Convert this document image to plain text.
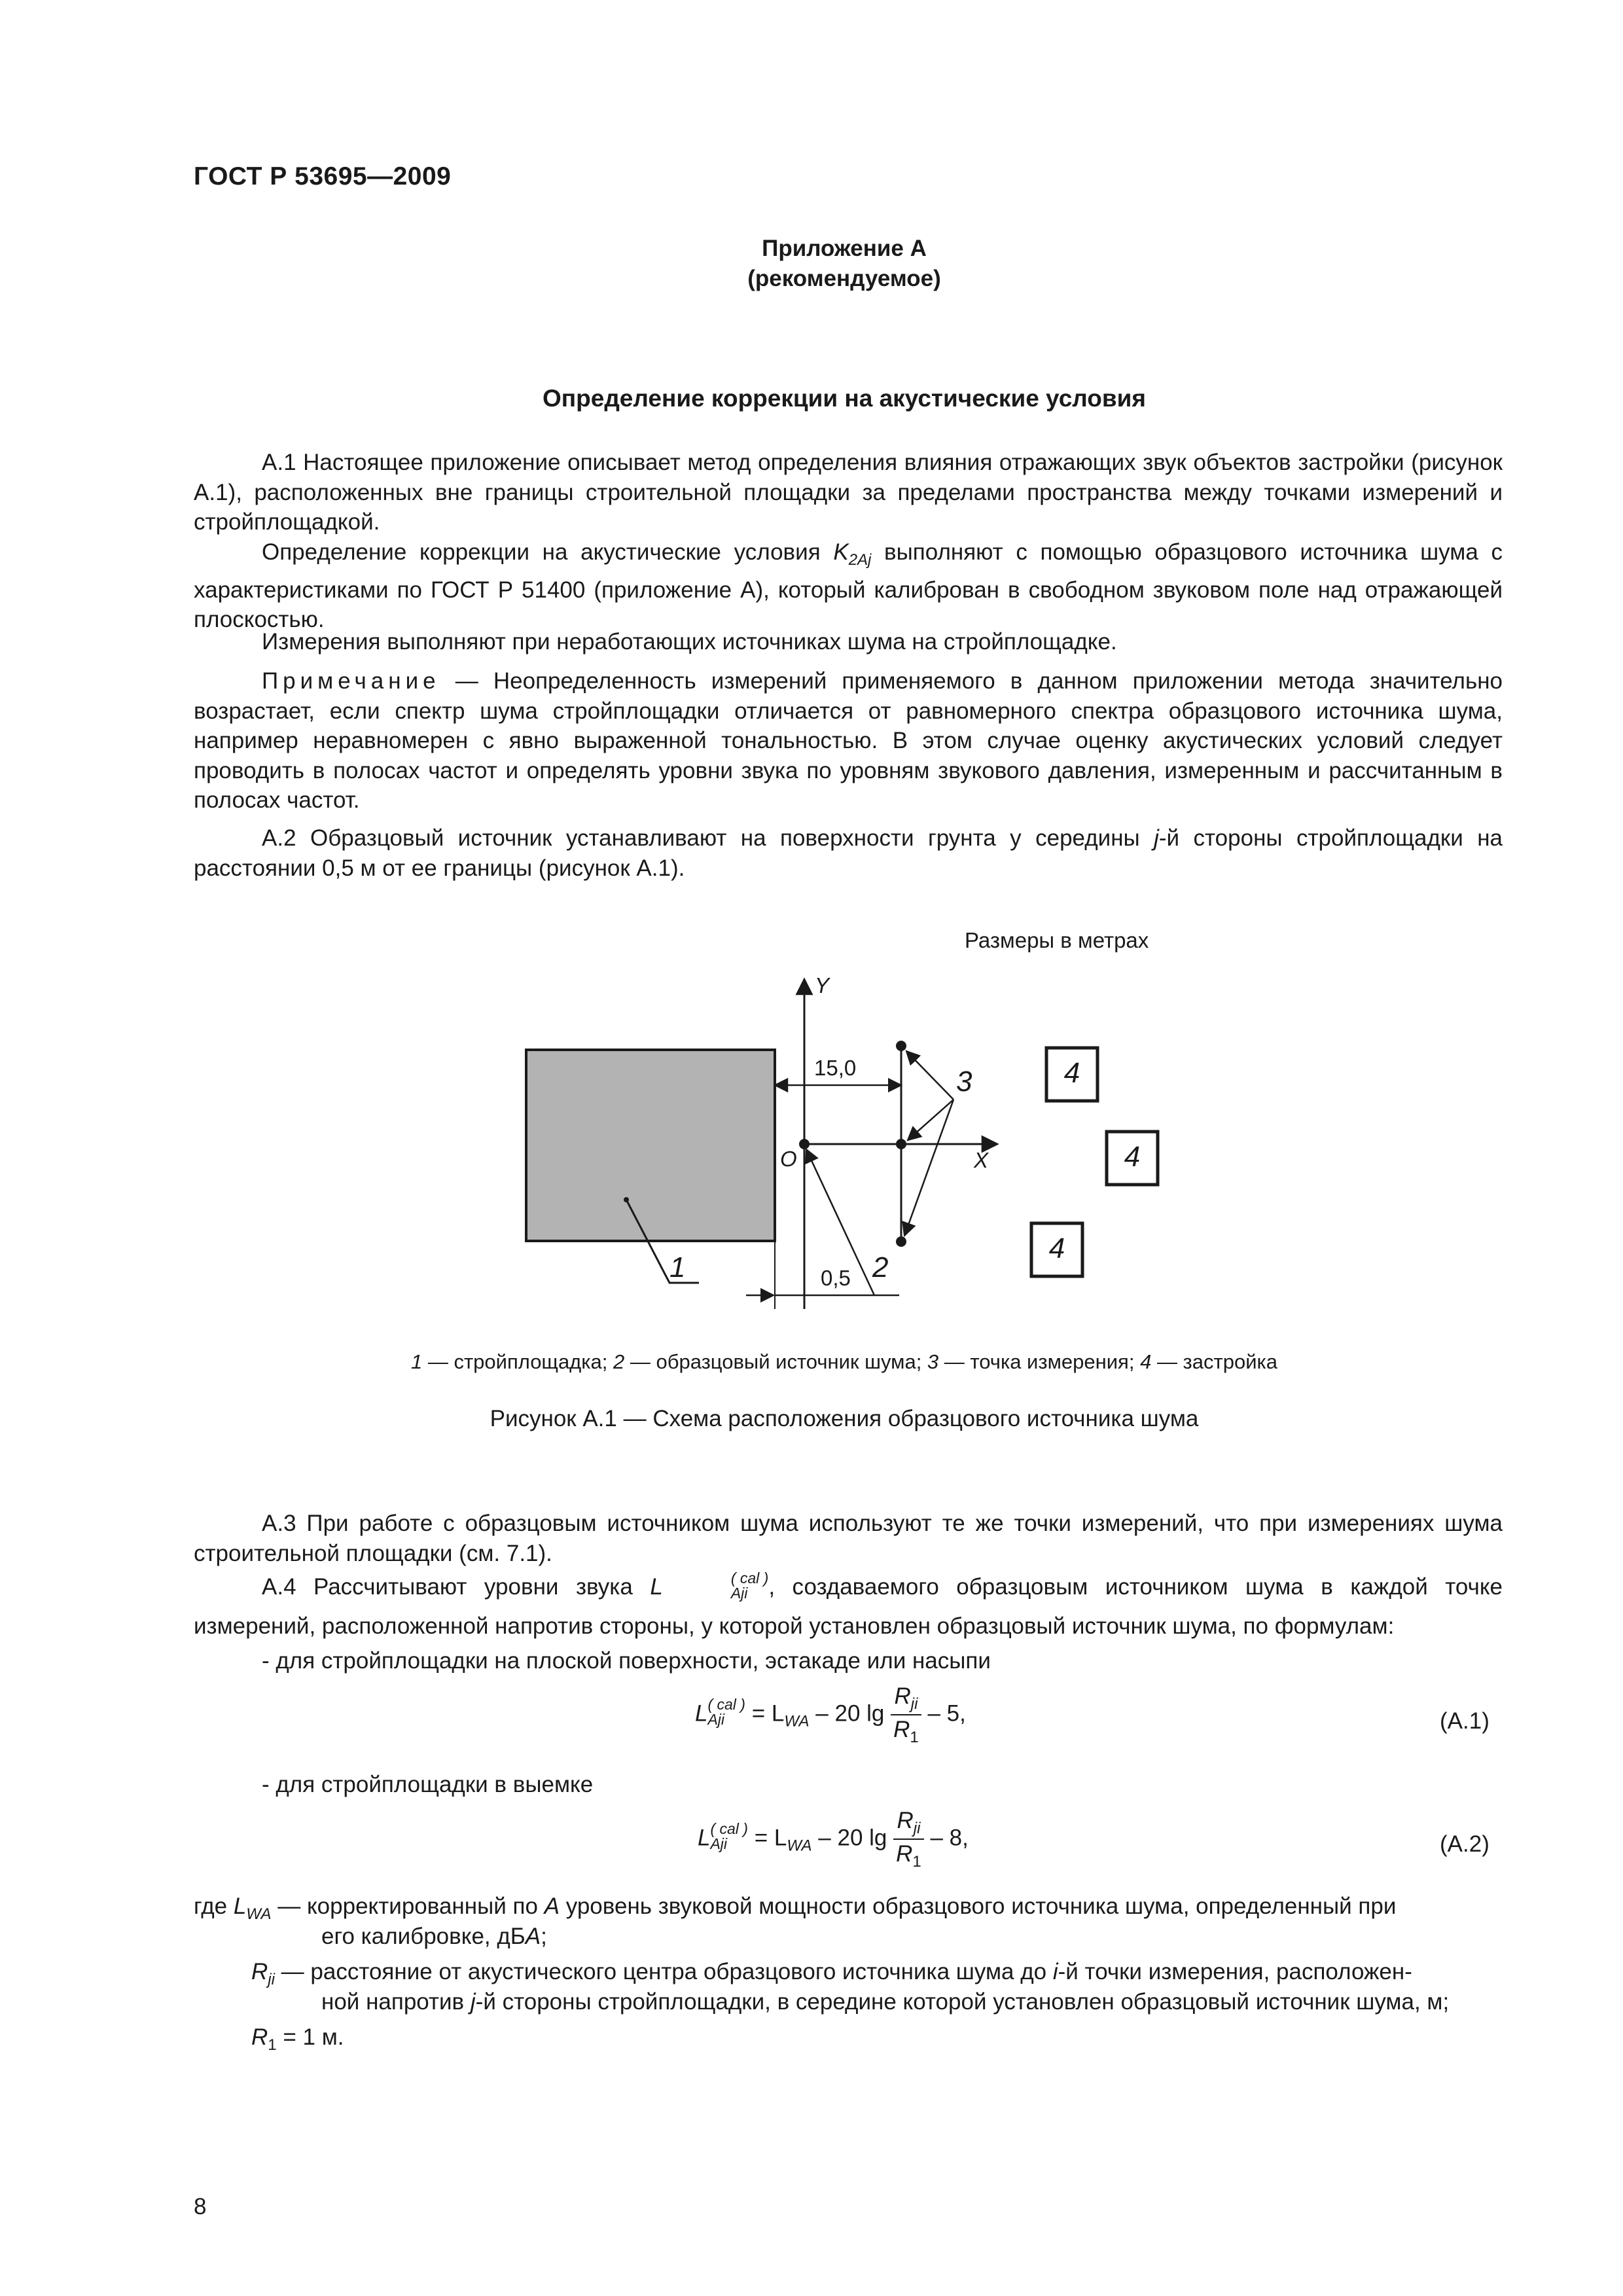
ГОСТ Р 53695—2009
Приложение А
(рекомендуемое)
Определение коррекции на акустические условия
А.1 Настоящее приложение описывает метод определения влияния отражающих звук объектов застройки (рисунок А.1), расположенных вне границы строительной площадки за пределами пространства между точками измерений и стройплощадкой.
Определение коррекции на акустические условия $K_{2Aj}$ выполняют с помощью образцового источника шума с характеристиками по ГОСТ Р 51400 (приложение А), который калиброван в свободном звуковом поле над отражающей плоскостью.
Измерения выполняют при неработающих источниках шума на стройплощадке.
Примечание — Неопределенность измерений применяемого в данном приложении метода значительно возрастает, если спектр шума стройплощадки отличается от равномерного спектра образцового источника шума, например неравномерен с явно выраженной тональностью. В этом случае оценку акустических условий следует проводить в полосах частот и определять уровни звука по уровням звукового давления, измеренным и рассчитанным в полосах частот.
А.2 Образцовый источник устанавливают на поверхности грунта у середины j-й стороны стройплощадки на расстоянии 0,5 м от ее границы (рисунок А.1).
Размеры в метрах
Y
X
O
15,0
0,5
1	2
3	4
4
4
1 — стройплощадка; 2 — образцовый источник шума; 3 — точка измерения; 4 — застройка
Рисунок А.1 — Схема расположения образцового источника шума
А.3 При работе с образцовым источником шума используют те же точки измерений, что при измерениях шума строительной площадки (см. 7.1).
А.4 Рассчитывают уровни звука L	( cal )
Aji , создаваемого образцовым источником шума в каждой точке измерений, расположенной напротив стороны, у которой установлен образцовый источник шума, по формулам:
- для стройплощадки на плоской поверхности, эстакаде или насыпи
L ( cal )
Aji = $L_{WA} - 20$ $\lg \frac{R_{ji}}{R_1} - 5$,	(А.1)
- для стройплощадки в выемке
L ( cal )
Aji = $L_{WA} - 20$ $\lg \frac{R_{ji}}{R_1} - 8$,	(А.2)
где $L_{WA}$ — корректированный по А уровень звуковой мощности образцового источника шума, определенный при
его калибровке, дБА;
$R_{ji}$ — расстояние от акустического центра образцового источника шума до i-й точки измерения, расположен-
ной напротив j-й стороны стройплощадки, в середине которой установлен образцовый источник шума, м;
$R_1 = 1$ м.
8
